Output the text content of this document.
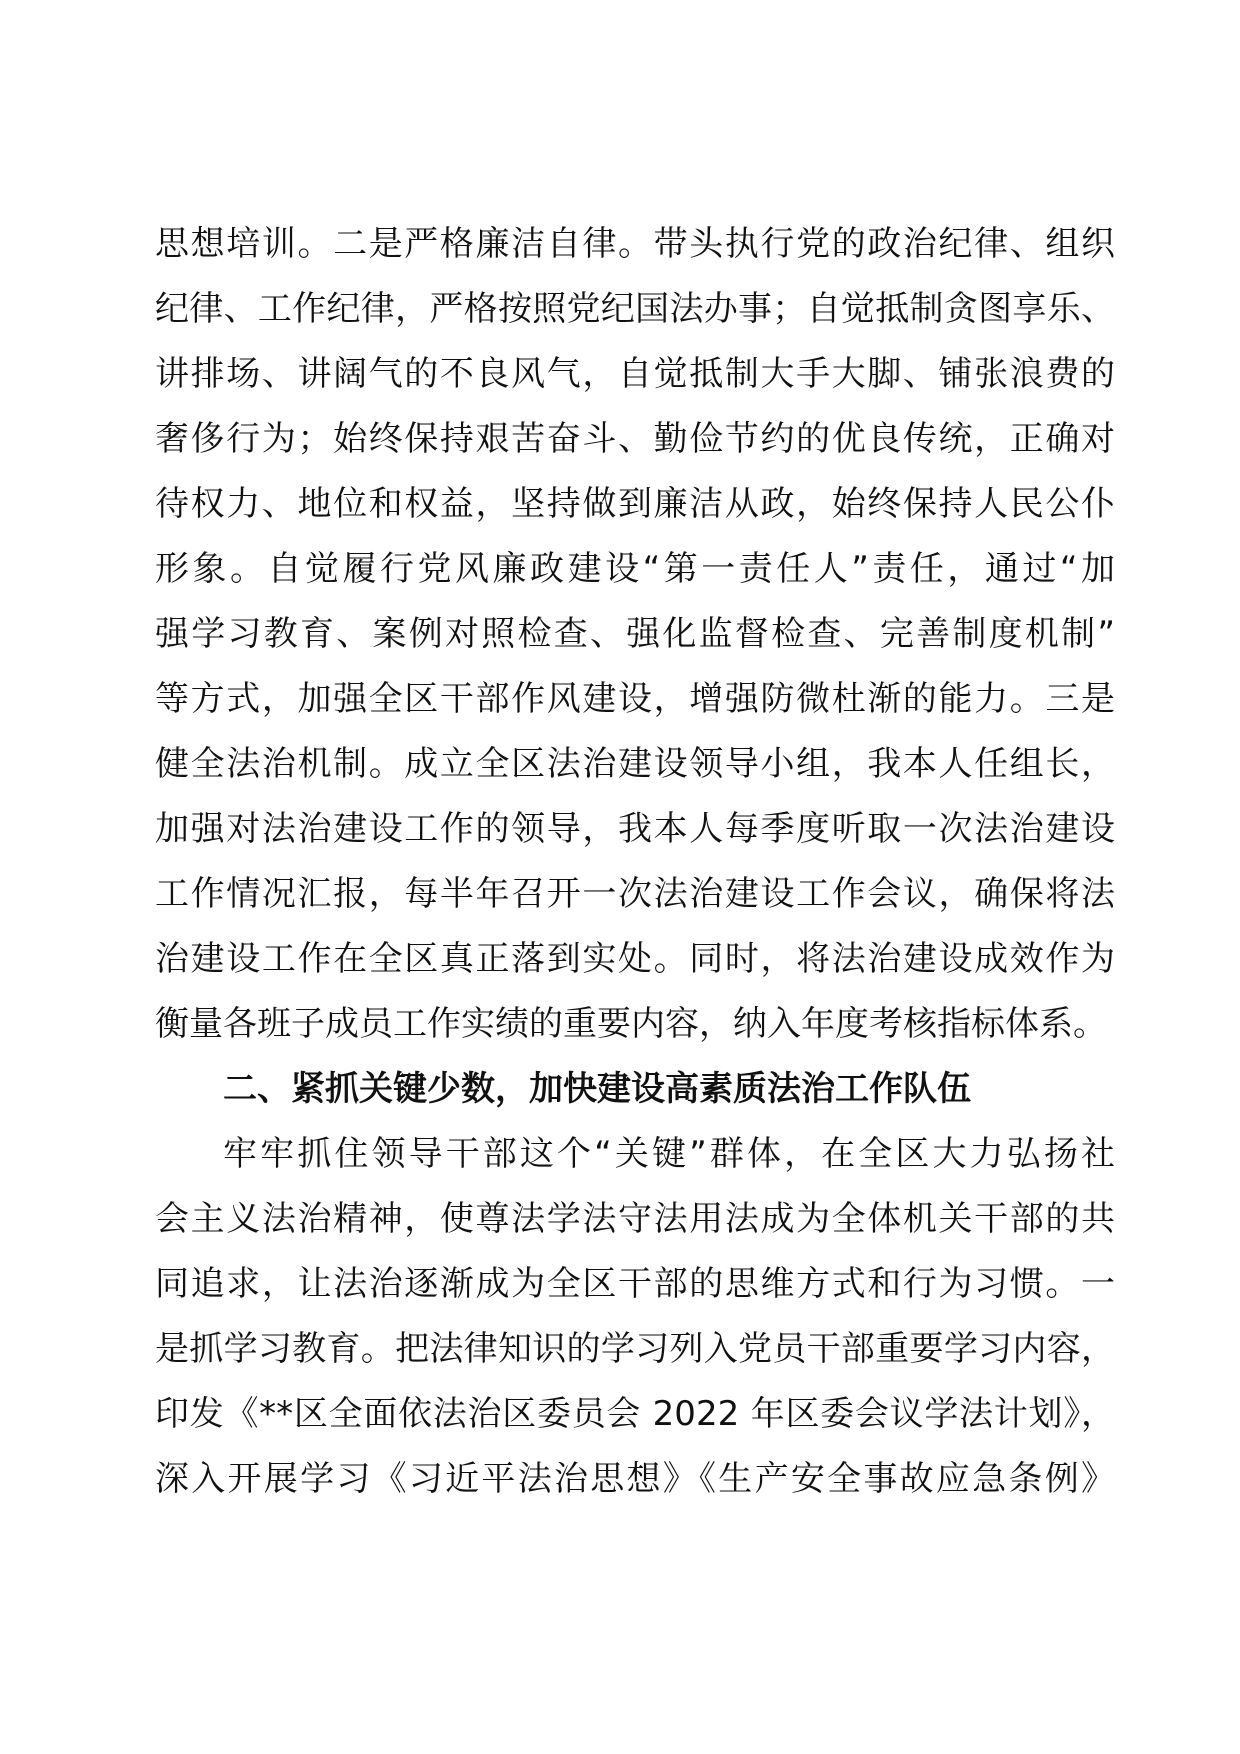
思想培训。二是严格廉洁自律。带头执行党的政治纪律、组织
纪律、工作纪律，严格按照党纪国法办事；自觉抵制贪图享乐、
讲排场、讲阔气的不良风气，自觉抵制大手大脚、铺张浪费的
奢侈行为；始终保持艰苦奋斗、勤俭节约的优良传统，正确对
待权力、地位和权益，坚持做到廉洁从政，始终保持人民公仆
形象。自觉履行党风廉政建设“第一责任人”责任，通过“加
强学习教育、案例对照检查、强化监督检查、完善制度机制”
等方式，加强全区干部作风建设，增强防微杜渐的能力。三是
健全法治机制。成立全区法治建设领导小组，我本人任组长，
加强对法治建设工作的领导，我本人每季度听取一次法治建设
工作情况汇报，每半年召开一次法治建设工作会议，确保将法
治建设工作在全区真正落到实处。同时，将法治建设成效作为
衡量各班子成员工作实绩的重要内容，纳入年度考核指标体系。
二、紧抓关键少数，加快建设高素质法治工作队伍
牢牢抓住领导干部这个“关键”群体，在全区大力弘扬社
会主义法治精神，使尊法学法守法用法成为全体机关干部的共
同追求，让法治逐渐成为全区干部的思维方式和行为习惯。一
是抓学习教育。把法律知识的学习列入党员干部重要学习内容，
印发《**区全面依法治区委员会 2022 年区委会议学法计划》，
深入开展学习《习近平法治思想》《生产安全事故应急条例》
